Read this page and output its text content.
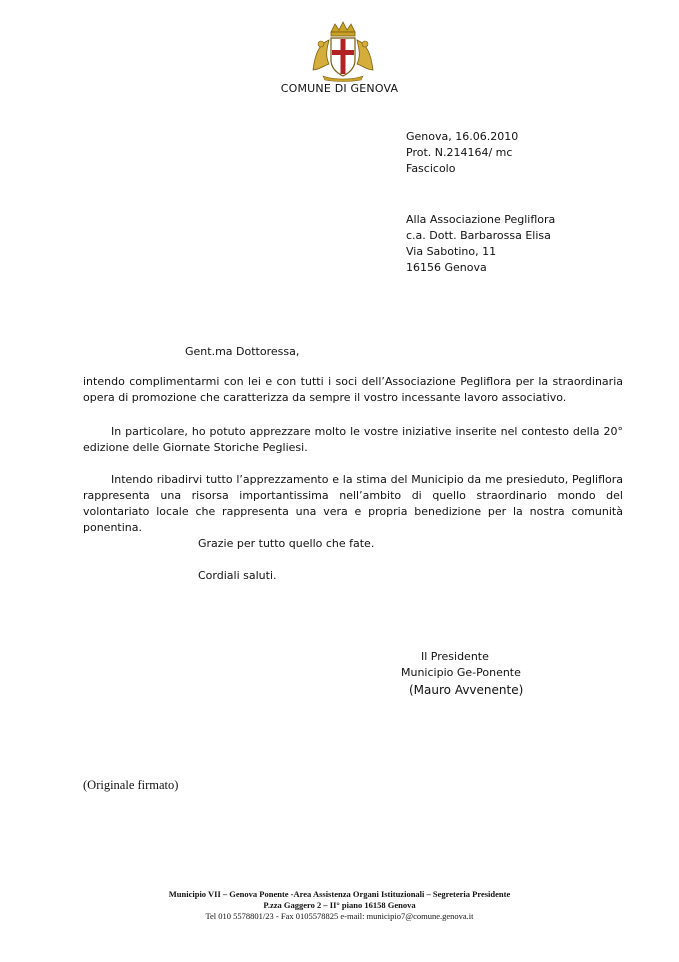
COMUNE DI GENOVA
Genova, 16.06.2010
Prot. N.214164/ mc
Fascicolo
Alla Associazione Pegliflora
c.a. Dott. Barbarossa Elisa
Via Sabotino, 11
16156 Genova
Gent.ma Dottoressa,
intendo complimentarmi con lei e con tutti i soci dell’Associazione Pegliflora per la straordinaria opera di promozione che caratterizza da sempre il vostro incessante lavoro associativo.
In particolare, ho potuto apprezzare molto le vostre iniziative inserite nel contesto della 20° edizione delle Giornate Storiche Pegliesi.
Intendo ribadirvi tutto l’apprezzamento e la stima del Municipio da me presieduto, Pegliflora rappresenta una risorsa importantissima nell’ambito di quello straordinario mondo del volontariato locale che rappresenta una vera e propria benedizione per la nostra comunità ponentina.
Grazie per tutto quello che fate.
Cordiali saluti.
Il Presidente
Municipio Ge-Ponente
(Mauro Avvenente)
(Originale firmato)
Municipio VII – Genova Ponente -Area Assistenza Organi Istituzionali – Segreteria Presidente
P.zza Gaggero 2 – II° piano 16158 Genova
Tel 010 5578801/23 - Fax 0105578825 e-mail: municipio7@comune.genova.it
